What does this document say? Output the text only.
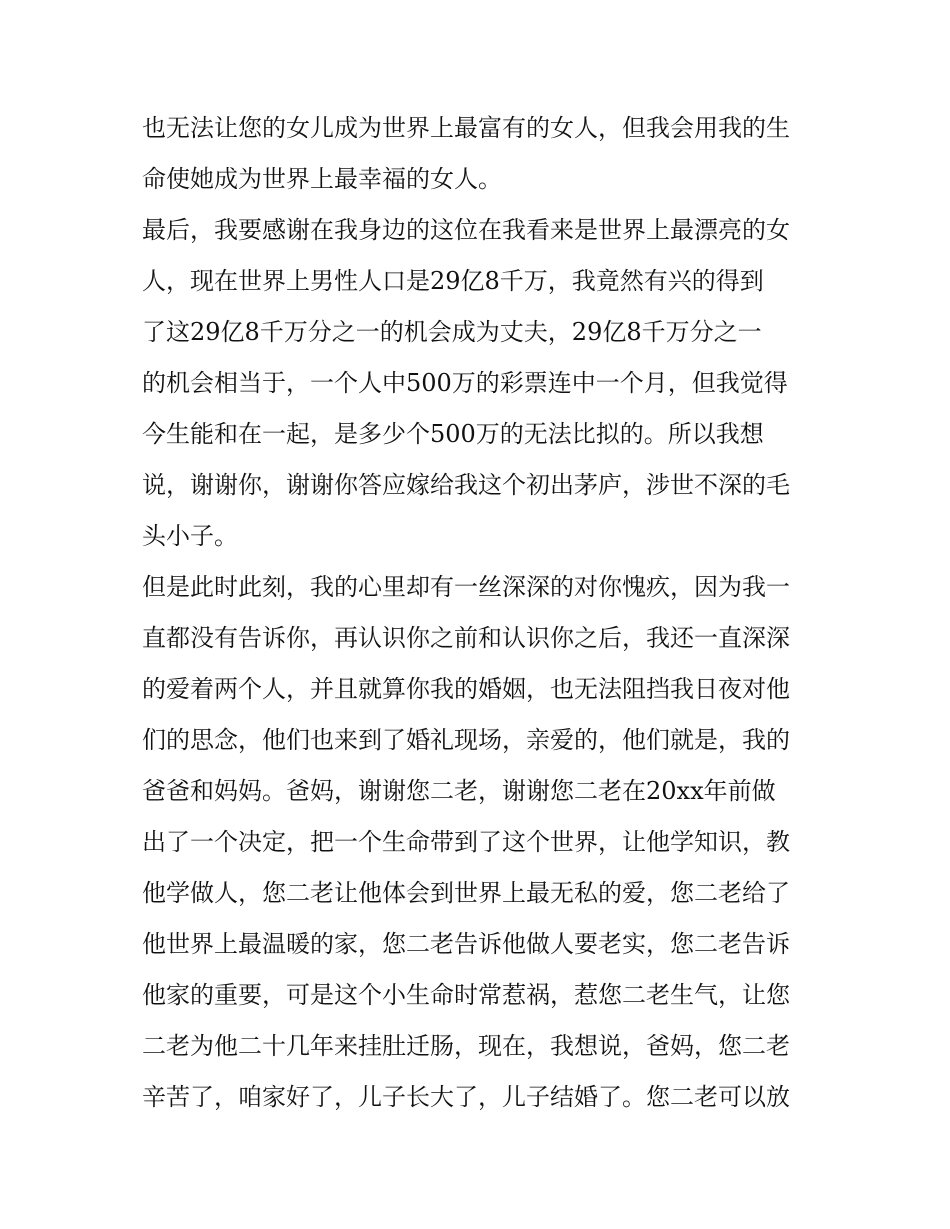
也无法让您的女儿成为世界上最富有的女人，但我会用我的生
命使她成为世界上最幸福的女人。
最后，我要感谢在我身边的这位在我看来是世界上最漂亮的女
人，现在世界上男性人口是29亿8千万，我竟然有兴的得到
了这29亿8千万分之一的机会成为丈夫，29亿8千万分之一
的机会相当于，一个人中500万的彩票连中一个月，但我觉得
今生能和在一起，是多少个500万的无法比拟的。所以我想
说，谢谢你，谢谢你答应嫁给我这个初出茅庐，涉世不深的毛
头小子。
但是此时此刻，我的心里却有一丝深深的对你愧疚，因为我一
直都没有告诉你，再认识你之前和认识你之后，我还一直深深
的爱着两个人，并且就算你我的婚姻，也无法阻挡我日夜对他
们的思念，他们也来到了婚礼现场，亲爱的，他们就是，我的
爸爸和妈妈。爸妈，谢谢您二老，谢谢您二老在20xx年前做
出了一个决定，把一个生命带到了这个世界，让他学知识，教
他学做人，您二老让他体会到世界上最无私的爱，您二老给了
他世界上最温暖的家，您二老告诉他做人要老实，您二老告诉
他家的重要，可是这个小生命时常惹祸，惹您二老生气，让您
二老为他二十几年来挂肚迁肠，现在，我想说，爸妈，您二老
辛苦了，咱家好了，儿子长大了，儿子结婚了。您二老可以放
